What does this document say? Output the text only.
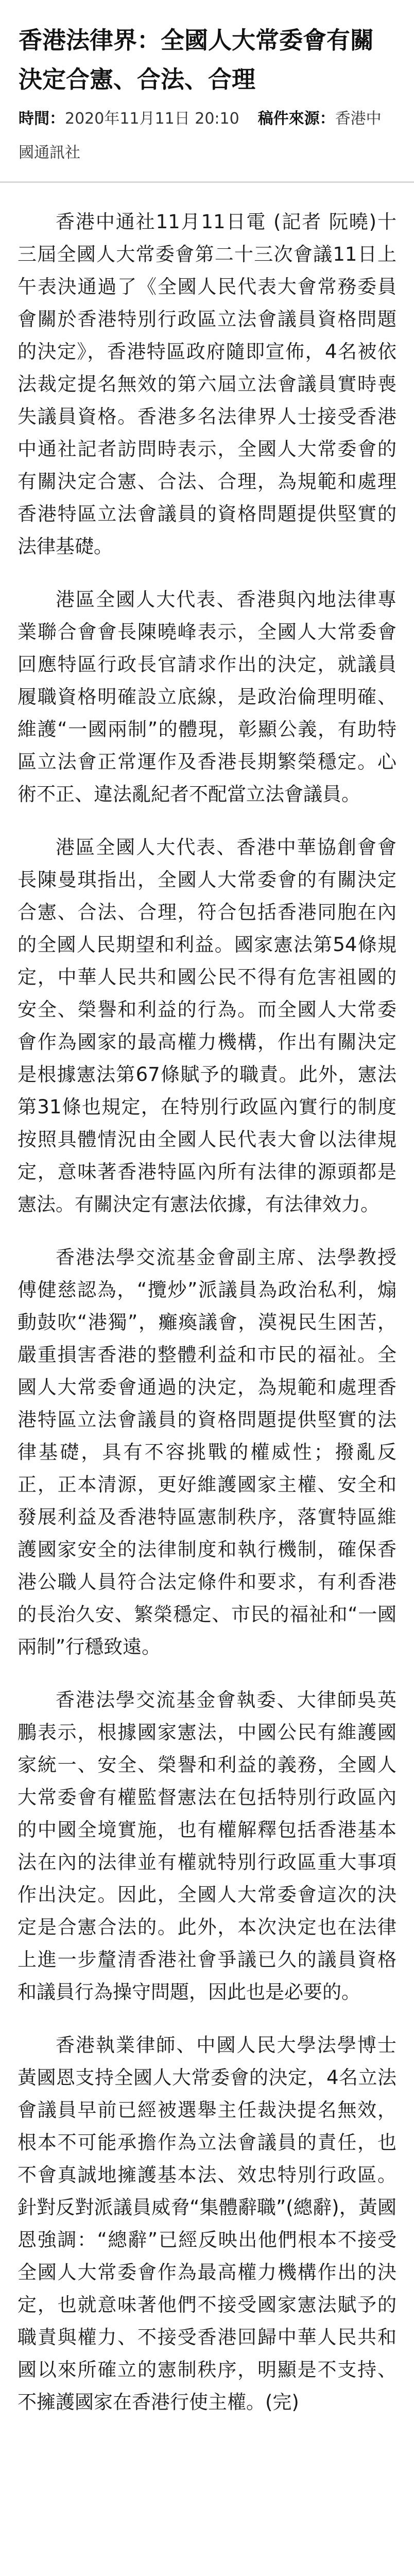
香港法律界：全國人大常委會有關決定合憲、合法、合理
時間：2020年11月11日 20:10 稿件來源：香港中國通訊社

香港中通社11月11日電 (記者 阮曉)十三屆全國人大常委會第二十三次會議11日上午表決通過了《全國人民代表大會常務委員會關於香港特別行政區立法會議員資格問題的決定》，香港特區政府隨即宣佈，4名被依法裁定提名無效的第六屆立法會議員實時喪失議員資格。香港多名法律界人士接受香港中通社記者訪問時表示，全國人大常委會的有關決定合憲、合法、合理，為規範和處理香港特區立法會議員的資格問題提供堅實的法律基礎。

港區全國人大代表、香港與內地法律專業聯合會會長陳曉峰表示，全國人大常委會回應特區行政長官請求作出的決定，就議員履職資格明確設立底線，是政治倫理明確、維護“一國兩制”的體現，彰顯公義，有助特區立法會正常運作及香港長期繁榮穩定。心術不正、違法亂紀者不配當立法會議員。

港區全國人大代表、香港中華協創會會長陳曼琪指出，全國人大常委會的有關決定合憲、合法、合理，符合包括香港同胞在內的全國人民期望和利益。國家憲法第54條規定，中華人民共和國公民不得有危害祖國的安全、榮譽和利益的行為。而全國人大常委會作為國家的最高權力機構，作出有關決定是根據憲法第67條賦予的職責。此外，憲法第31條也規定，在特別行政區內實行的制度按照具體情況由全國人民代表大會以法律規定，意味著香港特區內所有法律的源頭都是憲法。有關決定有憲法依據，有法律效力。

香港法學交流基金會副主席、法學教授傅健慈認為，“攬炒”派議員為政治私利，煽動鼓吹“港獨”，癱瘓議會，漠視民生困苦，嚴重損害香港的整體利益和市民的福祉。全國人大常委會通過的決定，為規範和處理香港特區立法會議員的資格問題提供堅實的法律基礎，具有不容挑戰的權威性；撥亂反正，正本清源，更好維護國家主權、安全和發展利益及香港特區憲制秩序，落實特區維護國家安全的法律制度和執行機制，確保香港公職人員符合法定條件和要求，有利香港的長治久安、繁榮穩定、市民的福祉和“一國兩制”行穩致遠。

香港法學交流基金會執委、大律師吳英鵬表示，根據國家憲法，中國公民有維護國家統一、安全、榮譽和利益的義務，全國人大常委會有權監督憲法在包括特別行政區內的中國全境實施，也有權解釋包括香港基本法在內的法律並有權就特別行政區重大事項作出決定。因此，全國人大常委會這次的決定是合憲合法的。此外，本次決定也在法律上進一步釐清香港社會爭議已久的議員資格和議員行為操守問題，因此也是必要的。

香港執業律師、中國人民大學法學博士黃國恩支持全國人大常委會的決定，4名立法會議員早前已經被選舉主任裁決提名無效，根本不可能承擔作為立法會議員的責任，也不會真誠地擁護基本法、效忠特別行政區。針對反對派議員威脅“集體辭職”(總辭)，黃國恩強調：“總辭”已經反映出他們根本不接受全國人大常委會作為最高權力機構作出的決定，也就意味著他們不接受國家憲法賦予的職責與權力、不接受香港回歸中華人民共和國以來所確立的憲制秩序，明顯是不支持、不擁護國家在香港行使主權。(完)
